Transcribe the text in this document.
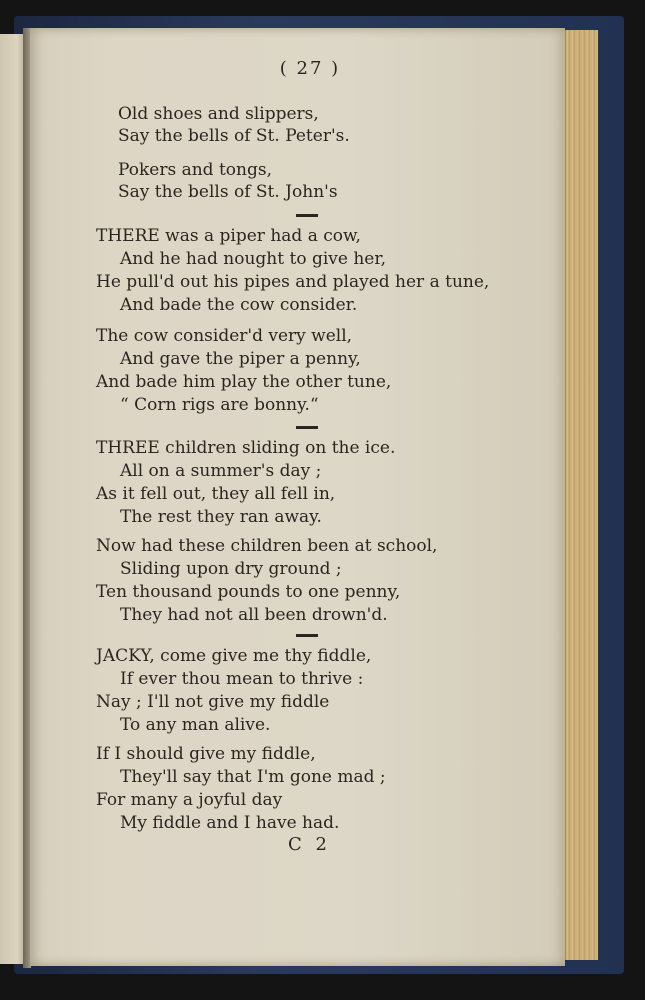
( 27 )
Old shoes and slippers,
Say the bells of St. Peter's.
Pokers and tongs,
Say the bells of St. John's
THERE was a piper had a cow,
And he had nought to give her,
He pull'd out his pipes and played her a tune,
And bade the cow consider.
The cow consider'd very well,
And gave the piper a penny,
And bade him play the other tune,
“ Corn rigs are bonny.“
THREE children sliding on the ice.
All on a summer's day ;
As it fell out, they all fell in,
The rest they ran away.
Now had these children been at school,
Sliding upon dry ground ;
Ten thousand pounds to one penny,
They had not all been drown'd.
JACKY, come give me thy fiddle,
If ever thou mean to thrive :
Nay ; I'll not give my fiddle
To any man alive.
If I should give my fiddle,
They'll say that I'm gone mad ;
For many a joyful day
My fiddle and I have had.
C 2
